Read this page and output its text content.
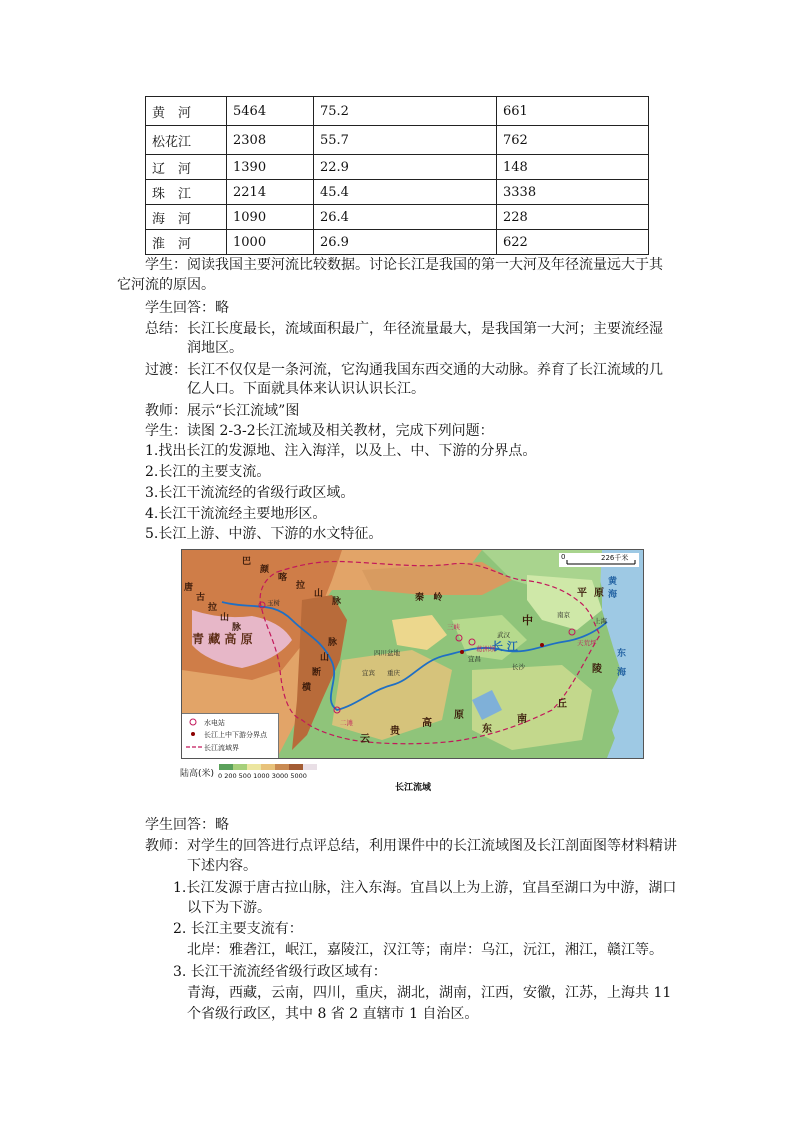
黄　河	5464	75.2	661
松花江	2308	55.7	762
辽　河	1390	22.9	148
珠　江	2214	45.4	3338
海　河	1090	26.4	228
淮　河	1000	26.9	622
学生：阅读我国主要河流比较数据。讨论长江是我国的第一大河及年径流量远大于其
它河流的原因。
学生回答：略
总结：长江长度最长，流域面积最广，年径流量最大，是我国第一大河；主要流经湿
润地区。
过渡：长江不仅仅是一条河流，它沟通我国东西交通的大动脉。养育了长江流域的几
亿人口。下面就具体来认识认识长江。
教师：展示“长江流域”图
学生：读图 2-3-2长江流域及相关教材，完成下列问题：
1.找出长江的发源地、注入海洋，以及上、中、下游的分界点。
2.长江的主要支流。
3.长江干流流经的省级行政区域。
4.长江干流流经主要地形区。
5.长江上游、中游、下游的水文特征。
青 藏 高 原
唐
古
拉
山
脉
巴
颜
喀
拉
山
脉	秦 岭
横
断
山
脉
云
贵
高
原
东
南
丘
陵
平 原
中
长 江
黄
海
东
海
玉树
四川盆地
重庆
宜宾
武汉
宜昌
上海
南京
长沙
三峡
葛洲坝
二滩
天荒坪
0	226千米
水电站
长江上中下游分界点
长江流域界
陆高(米) 0 200 500 1000 3000 5000
长江流域
学生回答：略
教师：对学生的回答进行点评总结，利用课件中的长江流域图及长江剖面图等材料精讲
下述内容。
1.长江发源于唐古拉山脉，注入东海。宜昌以上为上游，宜昌至湖口为中游，湖口
以下为下游。
2. 长江主要支流有：
北岸：雅砻江，岷江，嘉陵江，汉江等；南岸：乌江，沅江，湘江，赣江等。
3. 长江干流流经省级行政区域有：
青海，西藏，云南，四川，重庆，湖北，湖南，江西，安徽，江苏，上海共 11
个省级行政区，其中 8 省 2 直辖市 1 自治区。
